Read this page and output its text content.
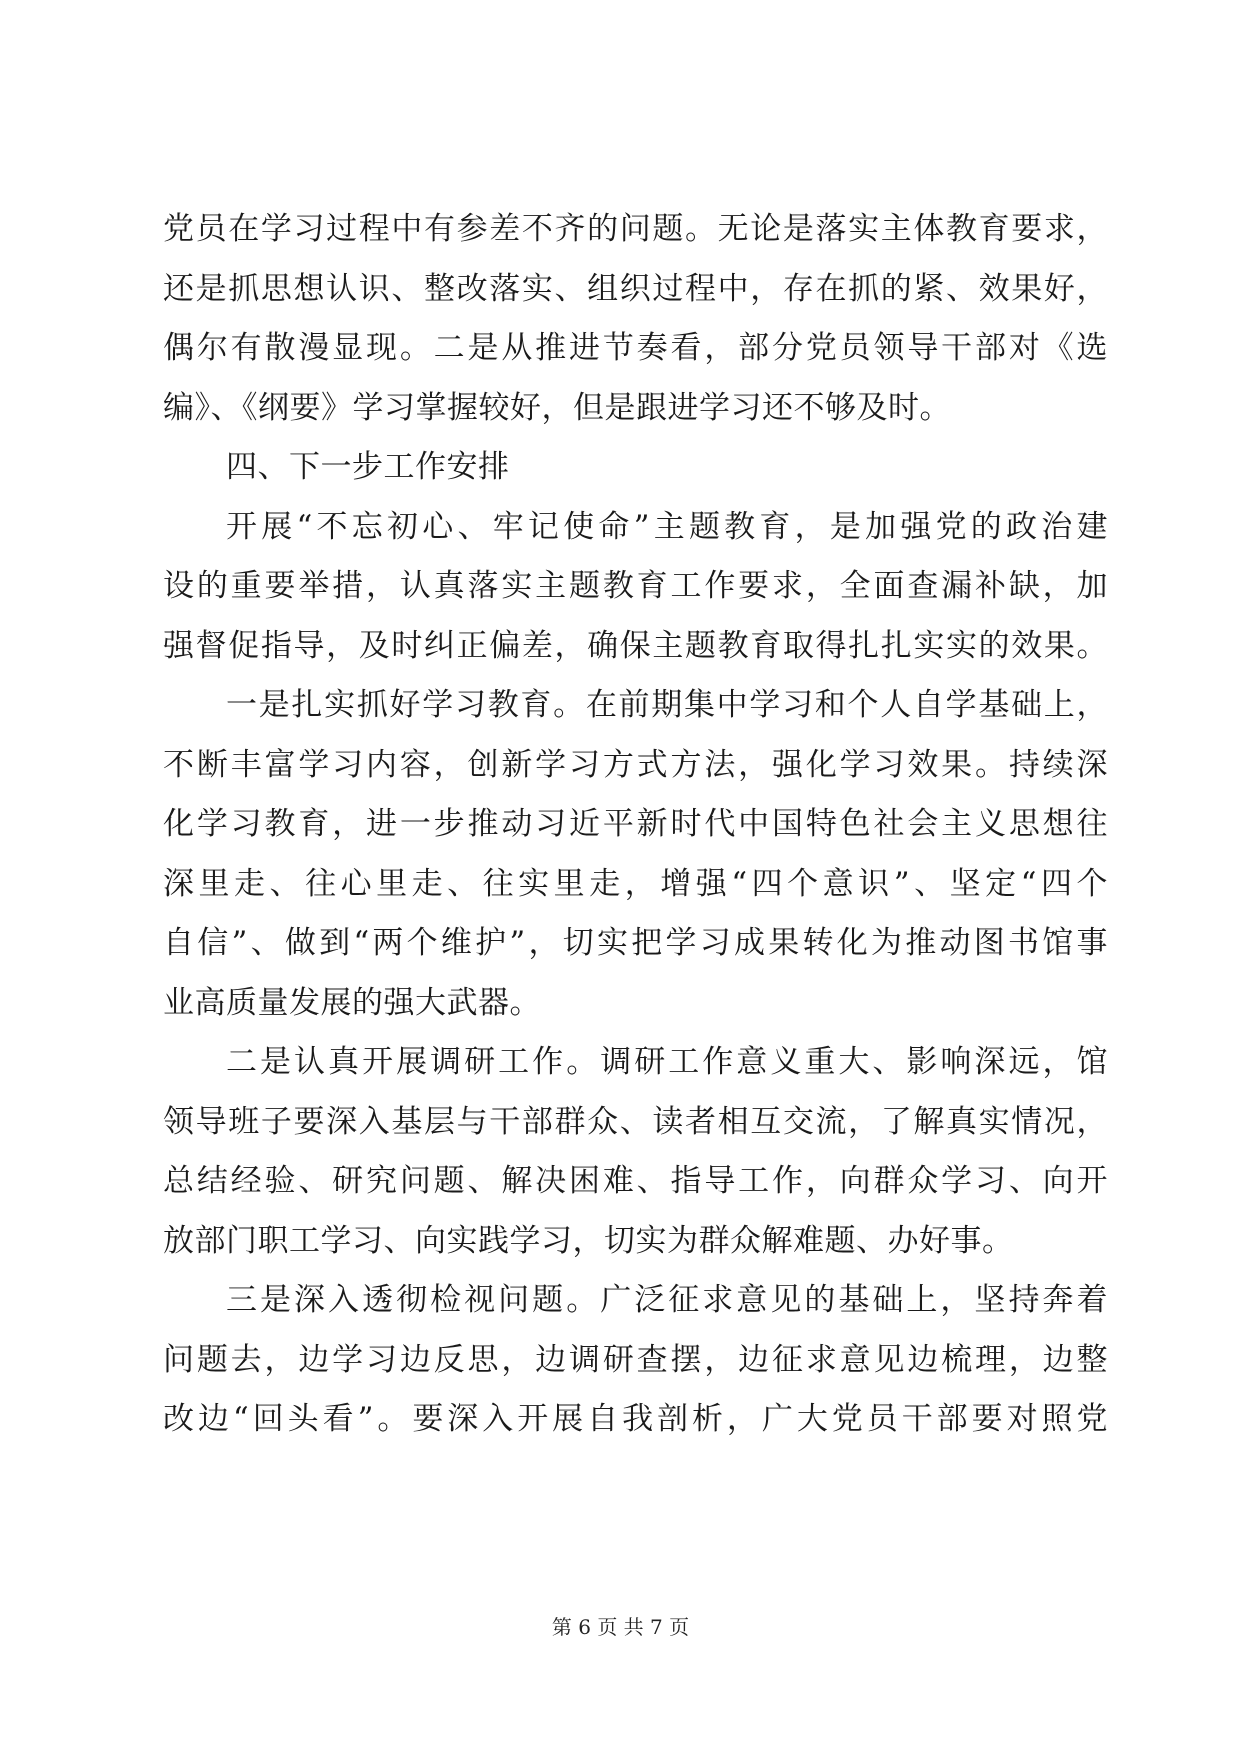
党员在学习过程中有参差不齐的问题。无论是落实主体教育要求，
还是抓思想认识、整改落实、组织过程中，存在抓的紧、效果好，
偶尔有散漫显现。二是从推进节奏看，部分党员领导干部对《选
编》、《纲要》学习掌握较好，但是跟进学习还不够及时。
四、下一步工作安排
开展“不忘初心、牢记使命”主题教育，是加强党的政治建
设的重要举措，认真落实主题教育工作要求，全面查漏补缺，加
强督促指导，及时纠正偏差，确保主题教育取得扎扎实实的效果。
一是扎实抓好学习教育。在前期集中学习和个人自学基础上，
不断丰富学习内容，创新学习方式方法，强化学习效果。持续深
化学习教育，进一步推动习近平新时代中国特色社会主义思想往
深里走、往心里走、往实里走，增强“四个意识”、坚定“四个
自信”、做到“两个维护”，切实把学习成果转化为推动图书馆事
业高质量发展的强大武器。
二是认真开展调研工作。调研工作意义重大、影响深远，馆
领导班子要深入基层与干部群众、读者相互交流，了解真实情况，
总结经验、研究问题、解决困难、指导工作，向群众学习、向开
放部门职工学习、向实践学习，切实为群众解难题、办好事。
三是深入透彻检视问题。广泛征求意见的基础上，坚持奔着
问题去，边学习边反思，边调研查摆，边征求意见边梳理，边整
改边“回头看”。要深入开展自我剖析，广大党员干部要对照党
第 6 页 共 7 页
